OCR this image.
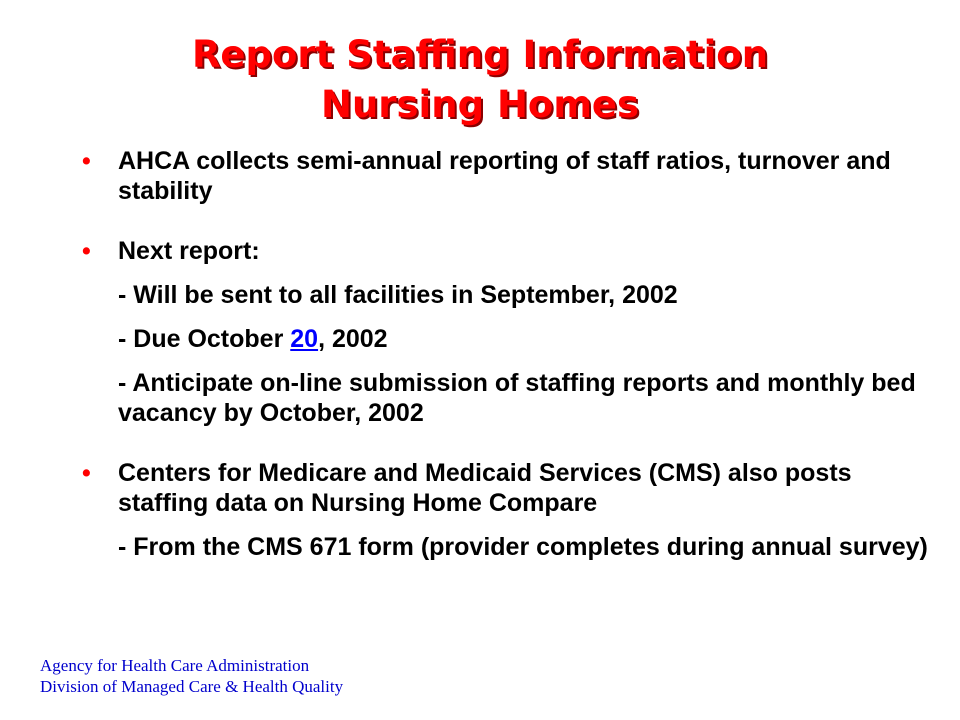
Report Staffing Information
Nursing Homes
• AHCA collects semi-annual reporting of staff ratios, turnover and stability
• Next report:
- Will be sent to all facilities in September, 2002
- Due October 20, 2002
- Anticipate on-line submission of staffing reports and monthly bed vacancy by October, 2002
• Centers for Medicare and Medicaid Services (CMS) also posts staffing data on Nursing Home Compare
- From the CMS 671 form (provider completes during annual survey)
Agency for Health Care Administration
Division of Managed Care & Health Quality
